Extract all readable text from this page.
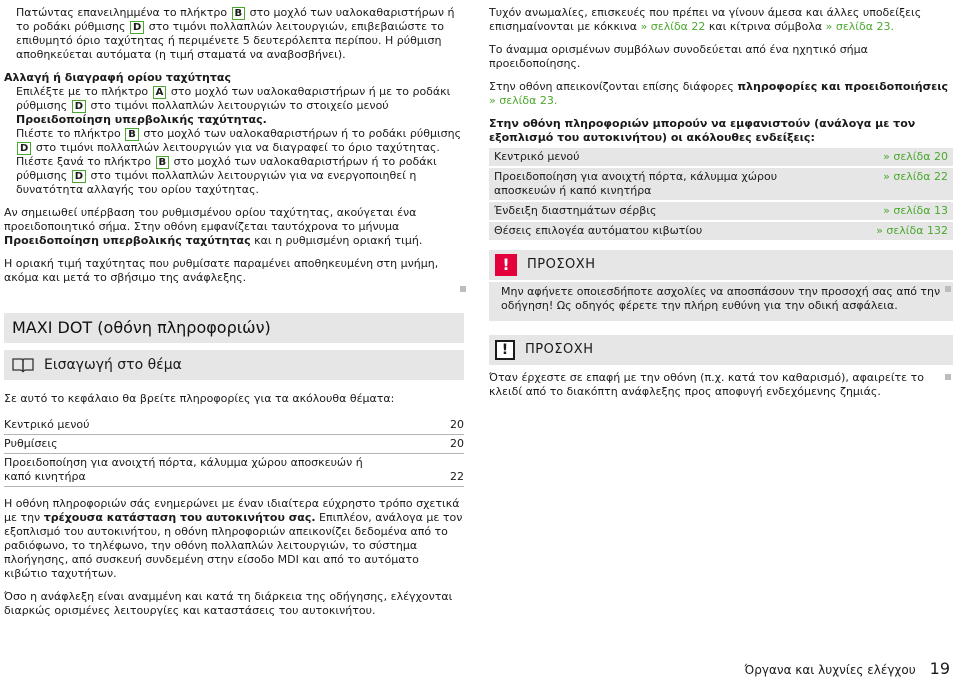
Πατώντας επανειλημμένα το πλήκτρο B στο μοχλό των υαλοκαθαριστήρων ή το ροδάκι ρύθμισης D στο τιμόνι πολλαπλών λειτουργιών, επιβεβαιώστε το επιθυμητό όριο ταχύτητας ή περιμένετε 5 δευτερόλεπτα περίπου. Η ρύθμιση αποθηκεύεται αυτόματα (η τιμή σταματά να αναβοσβήνει).

Αλλαγή ή διαγραφή ορίου ταχύτητας

Επιλέξτε με το πλήκτρο A στο μοχλό των υαλοκαθαριστήρων ή με το ροδάκι ρύθμισης D στο τιμόνι πολλαπλών λειτουργιών το στοιχείο μενού Προειδοποίηση υπερβολικής ταχύτητας.

Πιέστε το πλήκτρο B στο μοχλό των υαλοκαθαριστήρων ή το ροδάκι ρύθμισης D στο τιμόνι πολλαπλών λειτουργιών για να διαγραφεί το όριο ταχύτητας.

Πιέστε ξανά το πλήκτρο B στο μοχλό των υαλοκαθαριστήρων ή το ροδάκι ρύθμισης D στο τιμόνι πολλαπλών λειτουργιών για να ενεργοποιηθεί η δυνατότητα αλλαγής του ορίου ταχύτητας.

Αν σημειωθεί υπέρβαση του ρυθμισμένου ορίου ταχύτητας, ακούγεται ένα προειδοποιητικό σήμα. Στην οθόνη εμφανίζεται ταυτόχρονα το μήνυμα Προειδοποίηση υπερβολικής ταχύτητας και η ρυθμισμένη οριακή τιμή.

Η οριακή τιμή ταχύτητας που ρυθμίσατε παραμένει αποθηκευμένη στη μνήμη, ακόμα και μετά το σβήσιμο της ανάφλεξης.

MAXI DOT (οθόνη πληροφοριών)
Εισαγωγή στο θέμα

Σε αυτό το κεφάλαιο θα βρείτε πληροφορίες για τα ακόλουθα θέματα:

Κεντρικό μενού	20
Ρυθμίσεις	20
Προειδοποίηση για ανοιχτή πόρτα, κάλυμμα χώρου αποσκευών ή καπό κινητήρα	22

Η οθόνη πληροφοριών σάς ενημερώνει με έναν ιδιαίτερα εύχρηστο τρόπο σχετικά με την τρέχουσα κατάσταση του αυτοκινήτου σας. Επιπλέον, ανάλογα με τον εξοπλισμό του αυτοκινήτου, η οθόνη πληροφοριών απεικονίζει δεδομένα από το ραδιόφωνο, το τηλέφωνο, την οθόνη πολλαπλών λειτουργιών, το σύστημα πλοήγησης, από συσκευή συνδεμένη στην είσοδο MDI και από το αυτόματο κιβώτιο ταχυτήτων.

Όσο η ανάφλεξη είναι αναμμένη και κατά τη διάρκεια της οδήγησης, ελέγχονται διαρκώς ορισμένες λειτουργίες και καταστάσεις του αυτοκινήτου.

Τυχόν ανωμαλίες, επισκευές που πρέπει να γίνουν άμεσα και άλλες υποδείξεις επισημαίνονται με κόκκινα » σελίδα 22 και κίτρινα σύμβολα » σελίδα 23.

Το άναμμα ορισμένων συμβόλων συνοδεύεται από ένα ηχητικό σήμα προειδοποίησης.

Στην οθόνη απεικονίζονται επίσης διάφορες πληροφορίες και προειδοποιήσεις » σελίδα 23.

Στην οθόνη πληροφοριών μπορούν να εμφανιστούν (ανάλογα με τον εξοπλισμό του αυτοκινήτου) οι ακόλουθες ενδείξεις:

Κεντρικό μενού	» σελίδα 20
Προειδοποίηση για ανοιχτή πόρτα, κάλυμμα χώρου αποσκευών ή καπό κινητήρα	» σελίδα 22
Ένδειξη διαστημάτων σέρβις	» σελίδα 13
Θέσεις επιλογέα αυτόματου κιβωτίου	» σελίδα 132
!	ΠΡΟΣΟΧΗ

Μην αφήνετε οποιεσδήποτε ασχολίες να αποσπάσουν την προσοχή σας από την οδήγηση! Ως οδηγός φέρετε την πλήρη ευθύνη για την οδική ασφάλεια.

!	ΠΡΟΣΟΧΗ

Όταν έρχεστε σε επαφή με την οθόνη (π.χ. κατά τον καθαρισμό), αφαιρείτε το κλειδί από το διακόπτη ανάφλεξης προς αποφυγή ενδεχόμενης ζημιάς.

Όργανα και λυχνίες ελέγχου 19
